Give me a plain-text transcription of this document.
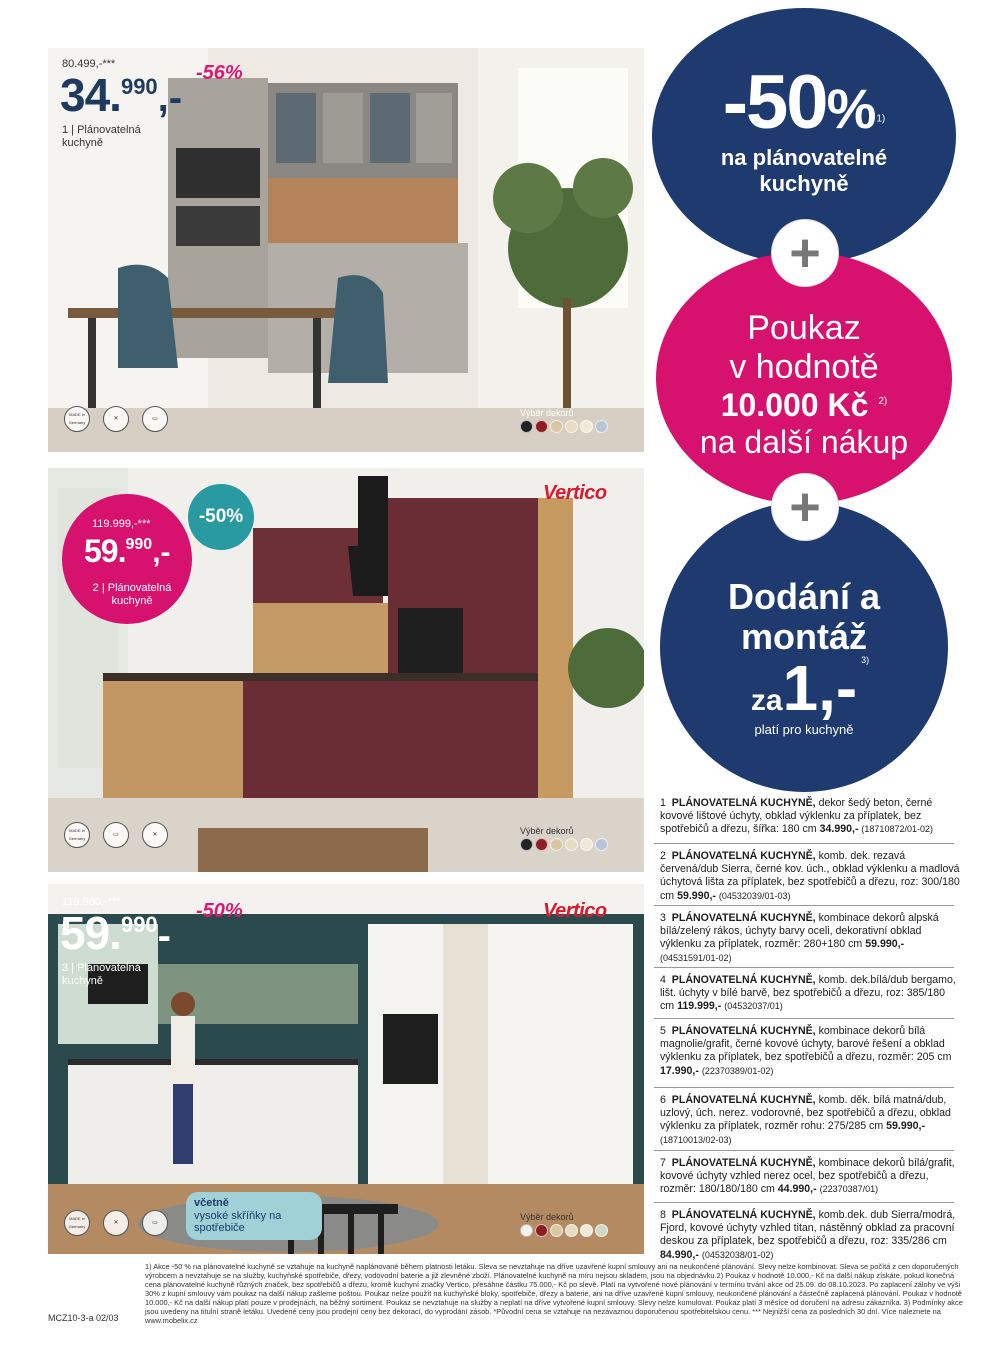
80.499,-***
34.990,-
-56%
1 | Plánovatelná
kuchyně
MADE in Germany
✕	▭
Výběr dekorů
Vertico
119.999,-***
59.990,-
2 | Plánovatelná
kuchyně
-50%
MADE in Germany
▭	✕	Výběr dekorů
Vertico
119.980,-***
59.990-
-50%
3 | Plánovatelná
kuchyně
včetně
vysoké skříňky na
spotřebiče
MADE in Germany
✕	▭
Výběr dekorů
-50%$^{1)}$
na plánovatelné
kuchyně
+
Poukaz
v hodnotě
10.000 Kč $^{2)}$
na další nákup
+
Dodání a
montáž
za1,- 3)
platí pro kuchyně
1 PLÁNOVATELNÁ KUCHYNĚ, dekor šedý beton, černé kovové lištové úchyty, obklad výklenku za příplatek, bez spotřebičů a dřezu, šířka: 180 cm 34.990,- (18710872/01-02)
2 PLÁNOVATELNÁ KUCHYNĚ, komb. dek. rezavá červená/dub Sierra, černé kov. úch., obklad výklenku a madlová úchytová lišta za příplatek, bez spotřebičů a dřezu, roz: 300/180 cm 59.990,- (04532039/01-03)
3 PLÁNOVATELNÁ KUCHYNĚ, kombinace dekorů alpská bílá/zelený rákos, úchyty barvy oceli, dekorativní obklad výklenku za příplatek, rozměr: 280+180 cm 59.990,- (04531591/01-02)
4 PLÁNOVATELNÁ KUCHYNĚ, komb. dek.bílá/dub bergamo, lišt. úchyty v bílé barvě, bez spotřebičů a dřezu, roz: 385/180 cm 119.999,- (04532037/01)
5 PLÁNOVATELNÁ KUCHYNĚ, kombinace dekorů bílá magnolie/grafit, černé kovové úchyty, barové řešení a obklad výklenku za příplatek, bez spotřebičů a dřezu, rozměr: 205 cm 17.990,- (22370389/01-02)
6 PLÁNOVATELNÁ KUCHYNĚ, komb. děk. bílá matná/dub, uzlový, úch. nerez. vodorovné, bez spotřebičů a dřezu, obklad výklenku za příplatek, rozměr rohu: 275/285 cm 59.990,- (18710013/02-03)
7 PLÁNOVATELNÁ KUCHYNĚ, kombinace dekorů bílá/grafit, kovové úchyty vzhled nerez ocel, bez spotřebičů a dřezu, rozměr: 180/180/180 cm 44.990,- (22370387/01)
8 PLÁNOVATELNÁ KUCHYNĚ, komb.dek. dub Sierra/modrá, Fjord, kovové úchyty vzhled titan, nástěnný obklad za pracovní deskou za příplatek, bez spotřebičů a dřezu, roz: 335/286 cm 84.990,- (04532038/01-02)
1) Akce -50 % na plánovatelné kuchyně se vztahuje na kuchyně naplánované během platnosti letáku. Sleva se nevztahuje na dříve uzavřené kupní smlouvy ani na neukončené plánování. Slevy nelze kombinovat. Sleva se počítá z cen doporučených výrobcem a nevztahuje se na služby, kuchyňské spotřebiče, dřezy, vodovodní baterie a již zlevněné zboží. Plánovatelné kuchyně na míru nejsou skladem, jsou na objednávku.2) Poukaz v hodnotě 10.000,- Kč na další nákup získáte, pokud konečná cena plánovatelné kuchyně různých značek, bez spotřebičů a dřezu, kromě kuchyní značky Vertico, přesáhne částku 75.000,- Kč po slevě. Platí na vytvořené nové plánování v termínu trvání akce od 25.09. do 08.10.2023. Po zaplacení zálohy ve výši 30% z kupní smlouvy vám poukaz na další nákup zašleme poštou. Poukaz nelze použít na kuchyňské bloky, spotřebiče, dřezy a baterie, ani na dříve uzavřené kupní smlouvy, neukončené plánování a částečně zaplacená plánování. Poukaz v hodnotě 10.000,- Kč na další nákup platí pouze v prodejnách, na běžný sortiment. Poukaz se nevztahuje na služby a neplatí na dříve vytvořené kupní smlouvy. Slevy nelze kumulovat. Poukaz platí 3 měsíce od doručení na adresu zákazníka. 3) Podmínky akce jsou uvedeny na titulní straně letáku. Uvedené ceny jsou prodejní ceny bez dekorací, do vyprodání zásob. *Původní cena se vztahuje na nezávaznou doporučenou spotřebitelskou cenu. *** Nejnižší cena za posledních 30 dní. Více naleznete na www.mobelix.cz
MCZ10-3-a 02/03
